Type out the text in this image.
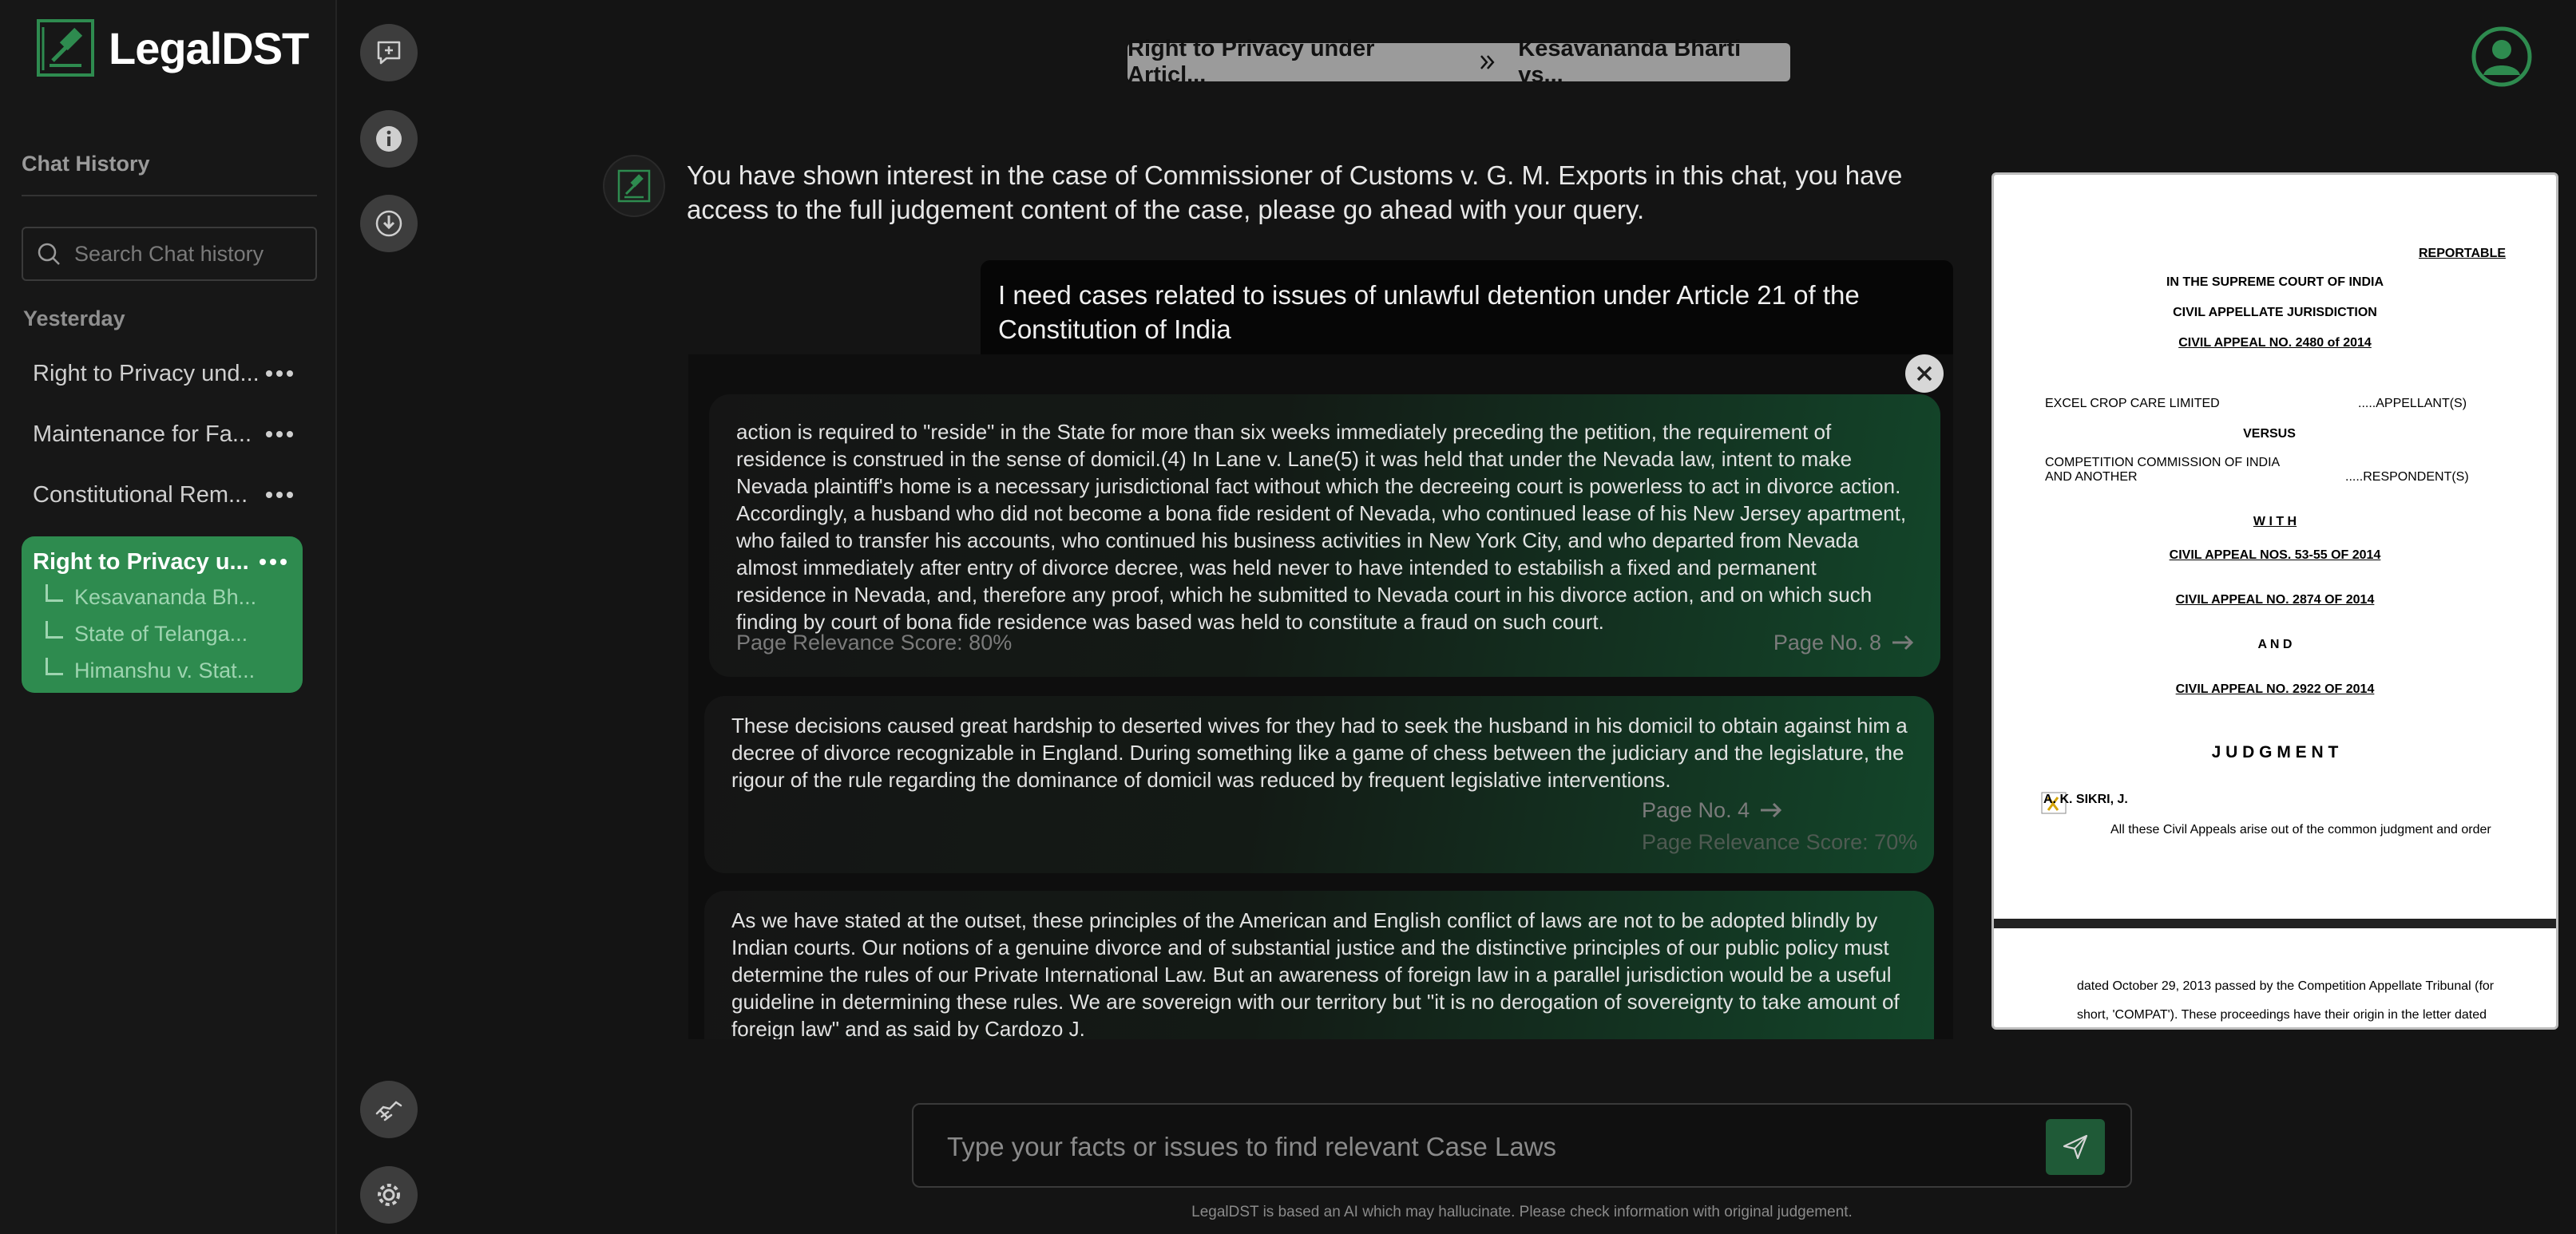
LegalDST
Chat History
Search Chat history
Yesterday
Right to Privacy und...
Maintenance for Fa...
Constitutional Rem...
Right to Privacy u...
Kesavananda Bh...
State of Telanga...
Himanshu v. Stat...
Right to Privacy under Articl...
Kesavananda Bharti vs...
You have shown interest in the case of Commissioner of Customs v. G. M. Exports in this chat, you have access to the full judgement content of the case, please go ahead with your query.
I need cases related to issues of unlawful detention under Article 21 of the Constitution of India
action is required to "reside" in the State for more than six weeks immediately preceding the petition, the requirement of residence is construed in the sense of domicil.(4) In Lane v. Lane(5) it was held that under the Nevada law, intent to make Nevada plaintiff's home is a necessary jurisdictional fact without which the decreeing court is powerless to act in divorce action. Accordingly, a husband who did not become a bona fide resident of Nevada, who continued lease of his New Jersey apartment, who failed to transfer his accounts, who continued his business activities in New York City, and who departed from Nevada almost immediately after entry of divorce decree, was held never to have intended to estabilish a fixed and permanent residence in Nevada, and, therefore any proof, which he submitted to Nevada court in his divorce action, and on which such finding by court of bona fide residence was based was held to constitute a fraud on such court.
Page Relevance Score: 80%	Page No. 8
These decisions caused great hardship to deserted wives for they had to seek the husband in his domicil to obtain against him a decree of divorce recognizable in England. During something like a game of chess between the judiciary and the legislature, the rigour of the rule regarding the dominance of domicil was reduced by frequent legislative interventions.
Page No. 4
Page Relevance Score: 70%
As we have stated at the outset, these principles of the American and English conflict of laws are not to be adopted blindly by Indian courts. Our notions of a genuine divorce and of substantial justice and the distinctive principles of our public policy must determine the rules of our Private International Law. But an awareness of foreign law in a parallel jurisdiction would be a useful guideline in determining these rules. We are sovereign with our territory but "it is no derogation of sovereignty to take amount of foreign law" and as said by Cardozo J.
REPORTABLE
IN THE SUPREME COURT OF INDIA
CIVIL APPELLATE JURISDICTION
CIVIL APPEAL NO. 2480 of 2014
EXCEL CROP CARE LIMITED	.....APPELLANT(S)
VERSUS
COMPETITION COMMISSION OF INDIA
AND ANOTHER	.....RESPONDENT(S)
W I T H
CIVIL APPEAL NOS. 53-55 OF 2014
CIVIL APPEAL NO. 2874 OF 2014
A N D
CIVIL APPEAL NO. 2922 OF 2014
J U D G M E N T
A. K. SIKRI, J.
All these Civil Appeals arise out of the common judgment and order
dated October 29, 2013 passed by the Competition Appellate Tribunal (for
short, 'COMPAT'). These proceedings have their origin in the letter dated
Type your facts or issues to find relevant Case Laws
LegalDST is based an AI which may hallucinate. Please check information with original judgement.
